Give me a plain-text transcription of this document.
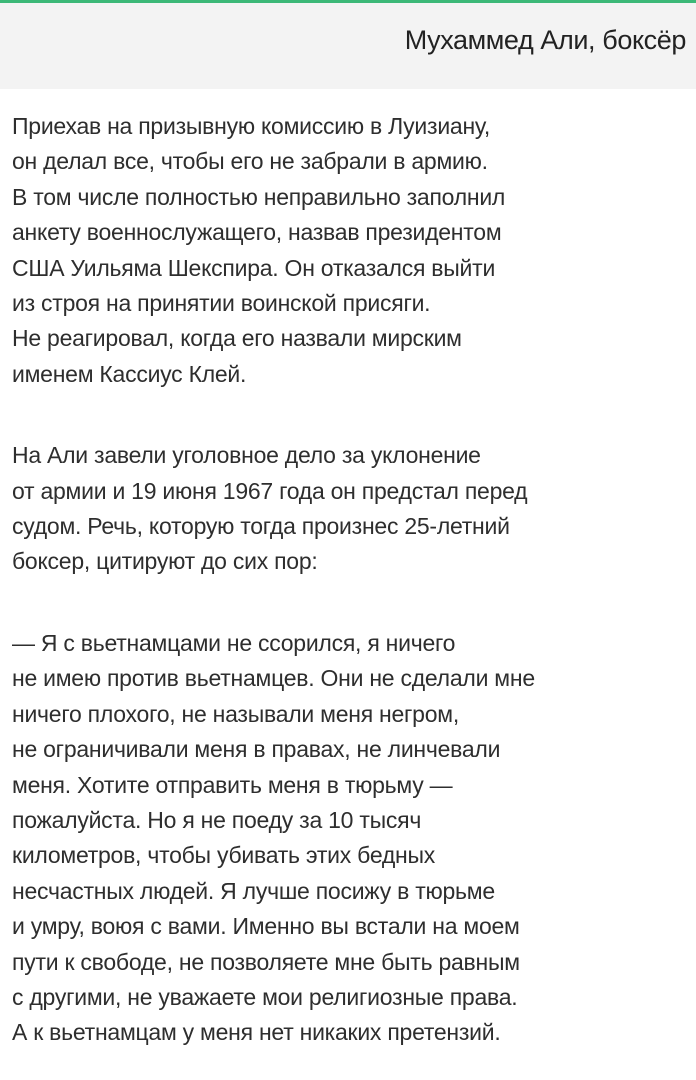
Мухаммед Али, боксёр
Приехав на призывную комиссию в Луизиану,
он делал все, чтобы его не забрали в армию.
В том числе полностью неправильно заполнил
анкету военнослужащего, назвав президентом
США Уильяма Шекспира. Он отказался выйти
из строя на принятии воинской присяги.
Не реагировал, когда его назвали мирским
именем Кассиус Клей.
На Али завели уголовное дело за уклонение
от армии и 19 июня 1967 года он предстал перед
судом. Речь, которую тогда произнес 25-летний
боксер, цитируют до сих пор:
— Я с вьетнамцами не ссорился, я ничего
не имею против вьетнамцев. Они не сделали мне
ничего плохого, не называли меня негром,
не ограничивали меня в правах, не линчевали
меня. Хотите отправить меня в тюрьму —
пожалуйста. Но я не поеду за 10 тысяч
километров, чтобы убивать этих бедных
несчастных людей. Я лучше посижу в тюрьме
и умру, воюя с вами. Именно вы встали на моем
пути к свободе, не позволяете мне быть равным
с другими, не уважаете мои религиозные права.
А к вьетнамцам у меня нет никаких претензий.
